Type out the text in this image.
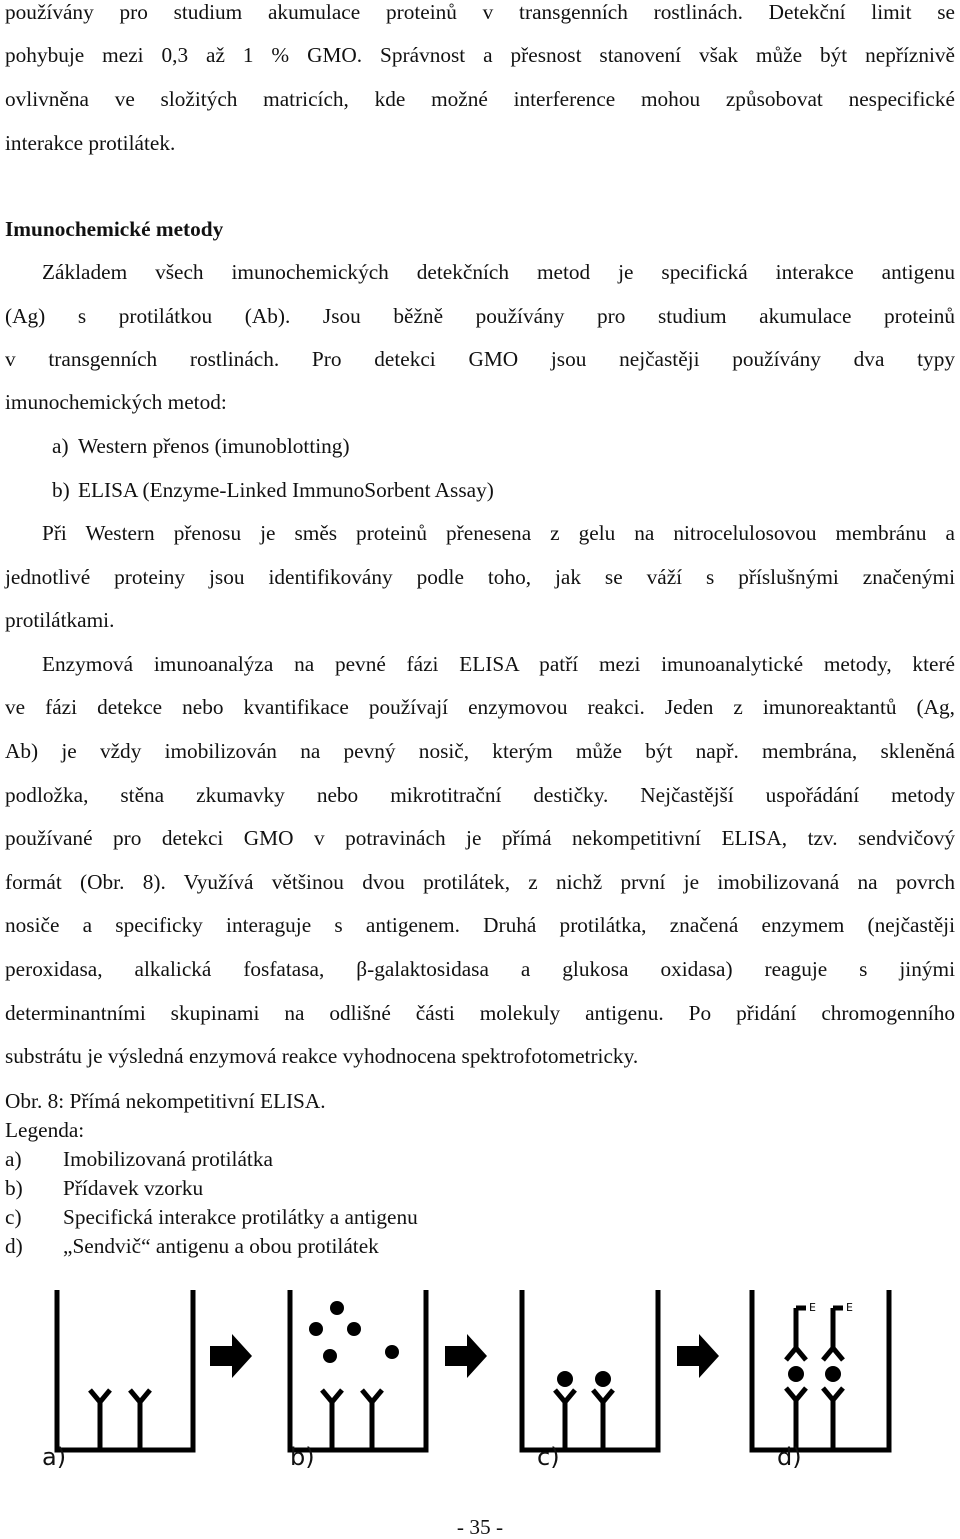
používány pro studium akumulace proteinů v transgenních rostlinách. Detekční limit se
pohybuje mezi 0,3 až 1 % GMO. Správnost a přesnost stanovení však může být nepříznivě
ovlivněna ve složitých matricích, kde možné interference mohou způsobovat nespecifické
interakce protilátek.
Imunochemické metody
Základem všech imunochemických detekčních metod je specifická interakce antigenu
(Ag) s protilátkou (Ab). Jsou běžně používány pro studium akumulace proteinů
v transgenních rostlinách. Pro detekci GMO jsou nejčastěji používány dva typy
imunochemických metod:
a) Western přenos (imunoblotting)
b) ELISA (Enzyme-Linked ImmunoSorbent Assay)
Při Western přenosu je směs proteinů přenesena z gelu na nitrocelulosovou membránu a
jednotlivé proteiny jsou identifikovány podle toho, jak se váží s příslušnými značenými
protilátkami.
Enzymová imunoanalýza na pevné fázi ELISA patří mezi imunoanalytické metody, které
ve fázi detekce nebo kvantifikace používají enzymovou reakci. Jeden z imunoreaktantů (Ag,
Ab) je vždy imobilizován na pevný nosič, kterým může být např. membrána, skleněná
podložka, stěna zkumavky nebo mikrotitrační destičky. Nejčastější uspořádání metody
používané pro detekci GMO v potravinách je přímá nekompetitivní ELISA, tzv. sendvičový
formát (Obr. 8). Využívá většinou dvou protilátek, z nichž první je imobilizovaná na povrch
nosiče a specificky interaguje s antigenem. Druhá protilátka, značená enzymem (nejčastěji
peroxidasa, alkalická fosfatasa, β-galaktosidasa a glukosa oxidasa) reaguje s jinými
determinantními skupinami na odlišné části molekuly antigenu. Po přidání chromogenního
substrátu je výsledná enzymová reakce vyhodnocena spektrofotometricky.
Obr. 8: Přímá nekompetitivní ELISA.
Legenda:
a) Imobilizovaná protilátka
b) Přídavek vzorku
c) Specifická interakce protilátky a antigenu
d) „Sendvič“ antigenu a obou protilátek
E	E
a)	b)	c)	d)
- 35 -
